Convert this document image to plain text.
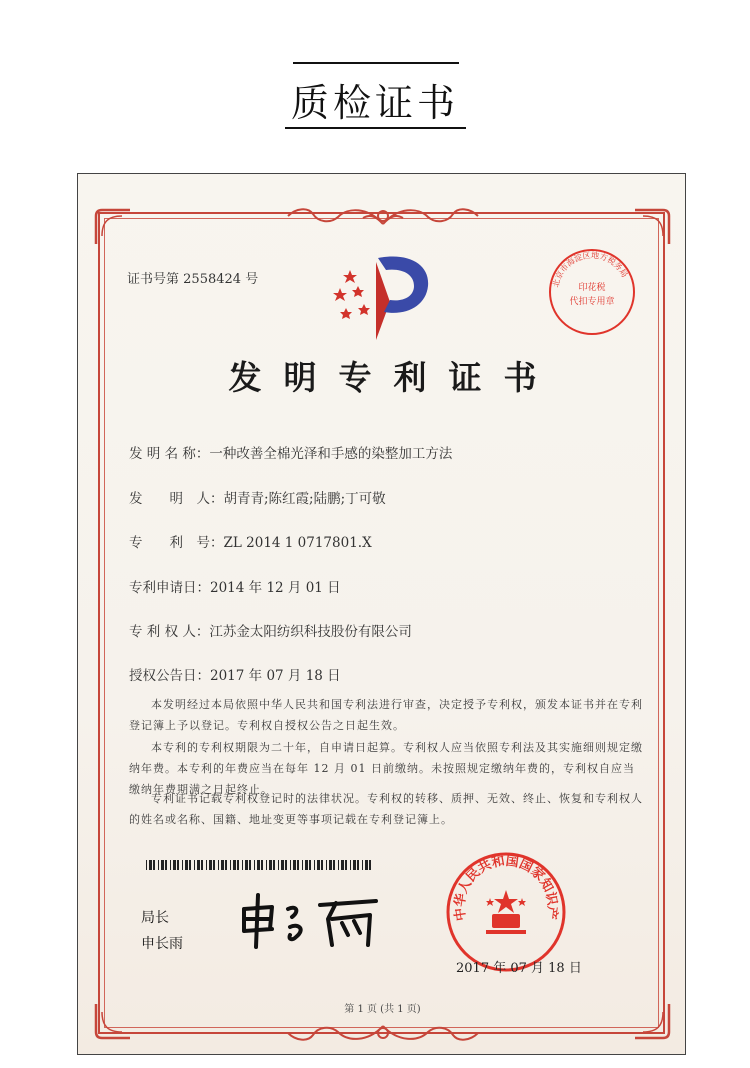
质检证书
证书号第 2558424 号	北京市海淀区地方税务局
印花税
代扣专用章
发明专利证书
发 明 名 称：一种改善全棉光泽和手感的染整加工方法
发　　明　人：胡青青;陈红霞;陆鹏;丁可敬
专　　利　号：ZL 2014 1 0717801.X
专利申请日：2014 年 12 月 01 日
专 利 权 人：江苏金太阳纺织科技股份有限公司
授权公告日：2017 年 07 月 18 日
本发明经过本局依照中华人民共和国专利法进行审查，决定授予专利权，颁发本证书并在专利登记簿上予以登记。专利权自授权公告之日起生效。
本专利的专利权期限为二十年，自申请日起算。专利权人应当依照专利法及其实施细则规定缴纳年费。本专利的年费应当在每年 12 月 01 日前缴纳。未按照规定缴纳年费的，专利权自应当缴纳年费期满之日起终止。
专利证书记载专利权登记时的法律状况。专利权的转移、质押、无效、终止、恢复和专利权人的姓名或名称、国籍、地址变更等事项记载在专利登记簿上。
局长
申长雨
中华人民共和国国家知识产权局
2017 年 07 月 18 日
第 1 页 (共 1 页)
